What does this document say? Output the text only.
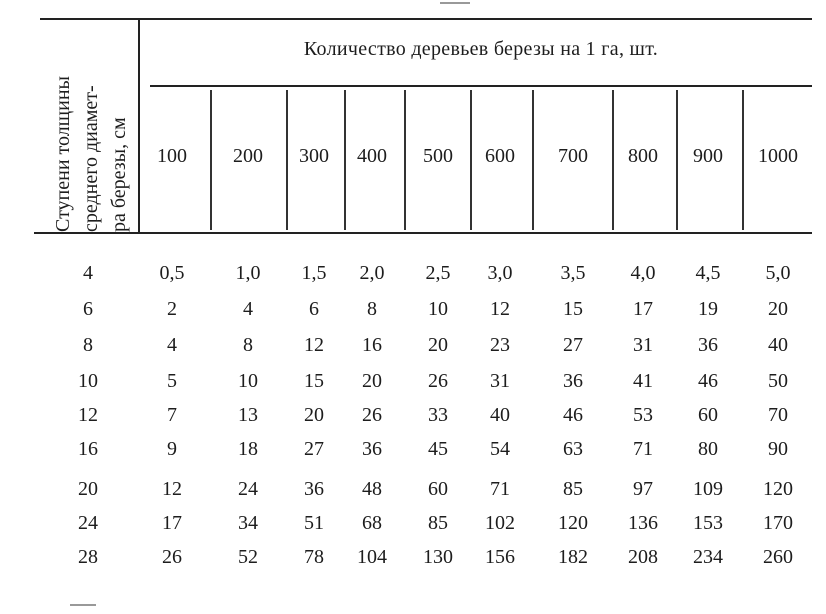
Ступени толщины среднего диамет- ра березы, см
Количество деревьев березы на 1 га, шт.
100	200	300	400	500	600	700	800	900	1000
4	0,5	1,0	1,5	2,0	2,5	3,0	3,5	4,0	4,5	5,0
6	2	4	6	8	10	12	15	17	19	20
8	4	8	12	16	20	23	27	31	36	40
10	5	10	15	20	26	31	36	41	46	50
12	7	13	20	26	33	40	46	53	60	70
16	9	18	27	36	45	54	63	71	80	90
20	12	24	36	48	60	71	85	97	109	120
24	17	34	51	68	85	102	120	136	153	170
28	26	52	78	104	130	156	182	208	234	260
